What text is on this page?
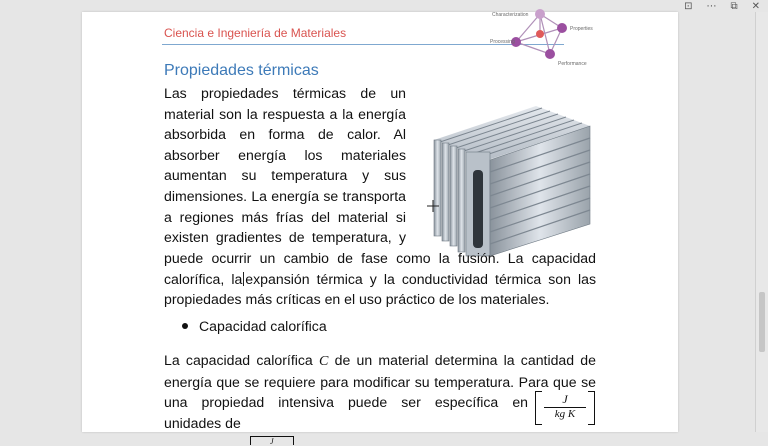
⊡ ⋯ ⧉ ✕
Ciencia e Ingeniería de Materiales
Characterization
Properties
Processing
Performance
Propiedades térmicas

Las propiedades térmicas de un
material son la respuesta a la energía
absorbida en forma de calor. Al
absorber energía los materiales
aumentan su temperatura y sus
dimensiones. La energía se transporta
a regiones más frías del material si
existen gradientes de temperatura, y

puede ocurrir un cambio de fase como la fusión. La capacidad
calorífica, la expansión térmica y la conductividad térmica son las
propiedades más críticas en el uso práctico de los materiales.
Capacidad calorífica
La capacidad calorífica C de un material determina la cantidad de
energía que se requiere para modificar su temperatura. Para que se
una propiedad intensiva puede ser específica en unidades de
J
kg K
J
